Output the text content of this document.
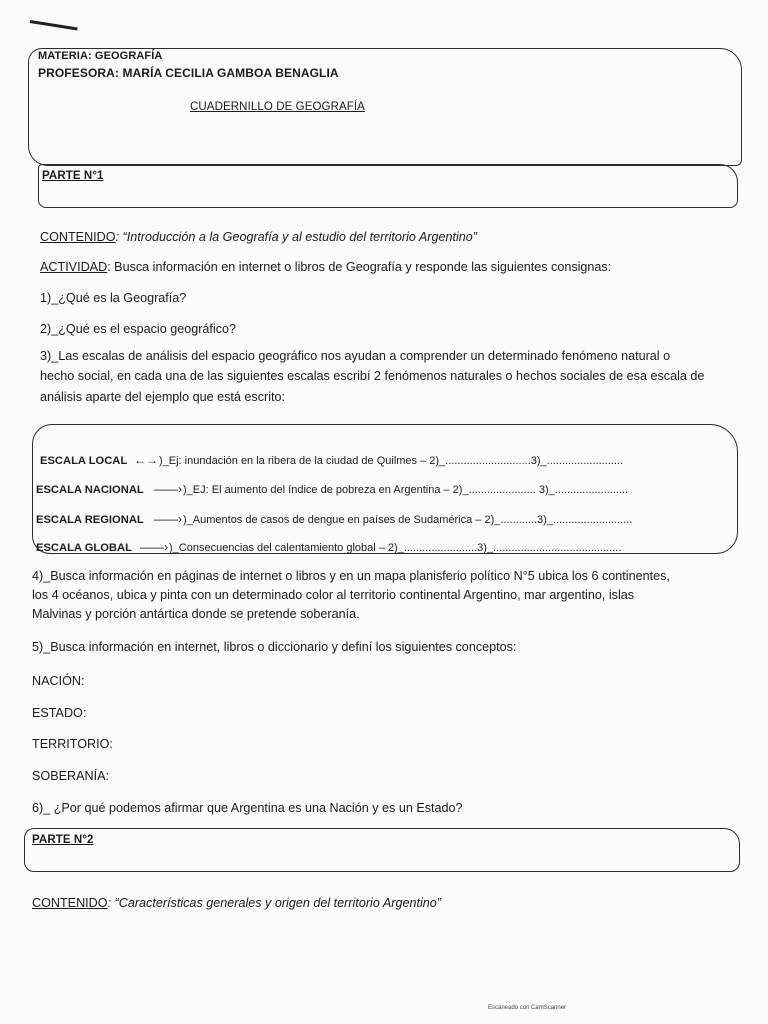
MATERIA: GEOGRAFÍA
PROFESORA: MARÍA CECILIA GAMBOA BENAGLIA
CUADERNILLO DE GEOGRAFÍA
PARTE N°1
CONTENIDO: “Introducción a la Geografía y al estudio del territorio Argentino”
ACTIVIDAD: Busca información en internet o libros de Geografía y responde las siguientes consignas:
1)_¿Qué es la Geografía?
2)_¿Qué es el espacio geográfico?
3)_Las escalas de análisis del espacio geográfico nos ayudan a comprender un determinado fenómeno natural o
hecho social, en cada una de las siguientes escalas escribí 2 fenómenos naturales o hechos sociales de esa escala de
análisis aparte del ejemplo que está escrito:
ESCALA LOCAL ←→)_Ej: inundación en la ribera de la ciudad de Quilmes – 2)_............................3)_.........................
ESCALA NACIONAL ——›)_EJ: El aumento del índice de pobreza en Argentina – 2)_...................... 3)_........................
ESCALA REGIONAL ——›)_Aumentos de casos de dengue en países de Sudamérica – 2)_............3)_..........................
ESCALA GLOBAL ——›)_Consecuencias del calentamiento global – 2)_........................3)_..........................................
4)_Busca información en páginas de internet o libros y en un mapa planisferio político N°5 ubica los 6 continentes,
los 4 océanos, ubica y pinta con un determinado color al territorio continental Argentino, mar argentino, islas
Malvinas y porción antártica donde se pretende soberanía.
5)_Busca información en internet, libros o diccionario y definí los siguientes conceptos:
NACIÓN:
ESTADO:
TERRITORIO:
SOBERANÍA:
6)_ ¿Por qué podemos afirmar que Argentina es una Nación y es un Estado?
PARTE N°2
CONTENIDO: “Características generales y origen del territorio Argentino”
Escaneado con CamScanner
